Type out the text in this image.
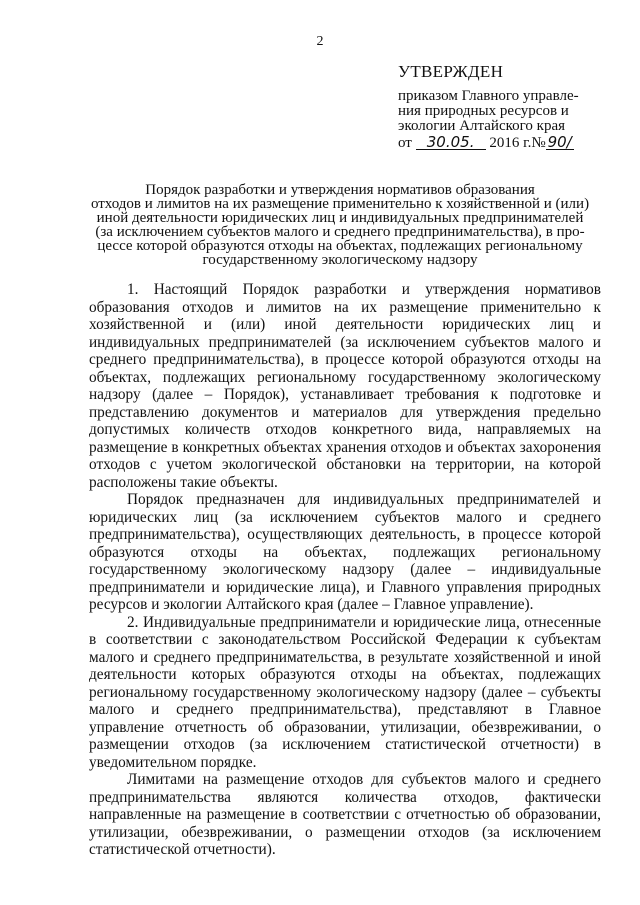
2
УТВЕРЖДЕН
приказом Главного управле-
ния природных ресурсов и
экологии Алтайского края
от 30.05. 2016 г.№ 90/
Порядок разработки и утверждения нормативов образования
отходов и лимитов на их размещение применительно к хозяйственной и (или)
иной деятельности юридических лиц и индивидуальных предпринимателей
(за исключением субъектов малого и среднего предпринимательства), в про-
цессе которой образуются отходы на объектах, подлежащих региональному
государственному экологическому надзору

1. Настоящий Порядок разработки и утверждения нормативов образования отходов и лимитов на их размещение применительно к хозяйственной и (или) иной деятельности юридических лиц и индивидуальных предпринимателей (за исключением субъектов малого и среднего предпринимательства), в процессе которой образуются отходы на объектах, подлежащих региональному государственному экологическому надзору (далее – Порядок), устанавливает требования к подготовке и представлению документов и материалов для утверждения предельно допустимых количеств отходов конкретного вида, направляемых на размещение в конкретных объектах хранения отходов и объектах захоронения отходов с учетом экологической обстановки на территории, на которой расположены такие объекты.

Порядок предназначен для индивидуальных предпринимателей и юридических лиц (за исключением субъектов малого и среднего предпринимательства), осуществляющих деятельность, в процессе которой образуются отходы на объектах, подлежащих региональному государственному экологическому надзору (далее – индивидуальные предприниматели и юридические лица), и Главного управления природных ресурсов и экологии Алтайского края (далее – Главное управление).

2. Индивидуальные предприниматели и юридические лица, отнесенные в соответствии с законодательством Российской Федерации к субъектам малого и среднего предпринимательства, в результате хозяйственной и иной деятельности которых образуются отходы на объектах, подлежащих региональному государственному экологическому надзору (далее – субъекты малого и среднего предпринимательства), представляют в Главное управление отчетность об образовании, утилизации, обезвреживании, о размещении отходов (за исключением статистической отчетности) в уведомительном порядке.

Лимитами на размещение отходов для субъектов малого и среднего предпринимательства являются количества отходов, фактически направленные на размещение в соответствии с отчетностью об образовании, утилизации, обезвреживании, о размещении отходов (за исключением статистической отчетности).
